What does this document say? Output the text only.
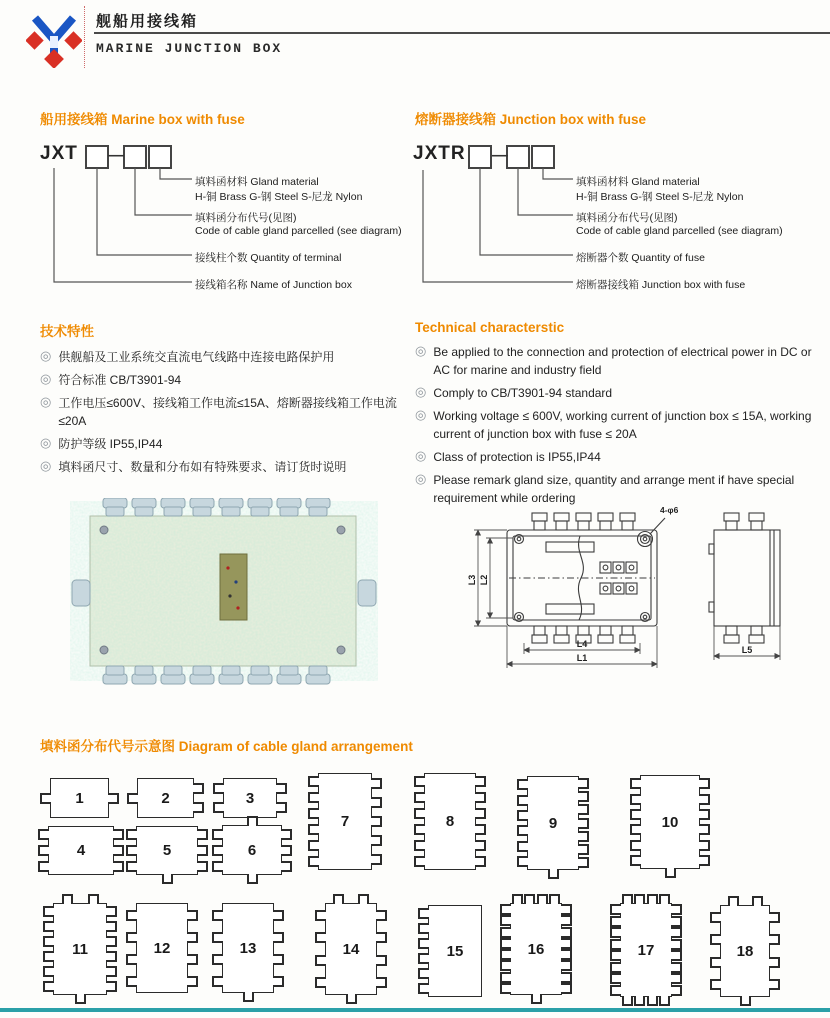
舰船用接线箱
MARINE JUNCTION BOX
船用接线箱 Marine box with fuse	熔断器接线箱 Junction box with fuse
JXT —
填料函材料 Gland material
H-铜 Brass G-钢 Steel S-尼龙 Nylon
填料函分布代号(见图)
Code of cable gland parcelled (see diagram)
接线柱个数 Quantity of terminal
接线箱名称 Name of Junction box
JXTR —
填料函材料 Gland material
H-铜 Brass G-钢 Steel S-尼龙 Nylon
填料函分布代号(见图)
Code of cable gland parcelled (see diagram)
熔断器个数 Quantity of fuse
熔断器接线箱 Junction box with fuse
技术特性
◎ 供舰船及工业系统交直流电气线路中连接电路保护用
◎ 符合标准 CB/T3901-94
◎ 工作电压≤600V、接线箱工作电流≤15A、熔断器接线箱工作电流≤20A
◎ 防护等级 IP55,IP44
◎ 填料函尺寸、数量和分布如有特殊要求、请订货时说明
Technical characterstic
◎ Be applied to the connection and protection of electrical power in DC or AC for marine and industry field
◎ Comply to CB/T3901-94 standard
◎ Working voltage ≤ 600V, working current of junction box ≤ 15A, working current of junction box with fuse ≤ 20A
◎ Class of protection is IP55,IP44
◎ Please remark gland size, quantity and arrange ment if have special requirement while ordering
L4
L1
L3 L2
L5
4-φ6
填料函分布代号示意图 Diagram of cable gland arrangement
1	2	3
4	5	6
7	8	9	10
11	12	13	14	15	16	17	18
